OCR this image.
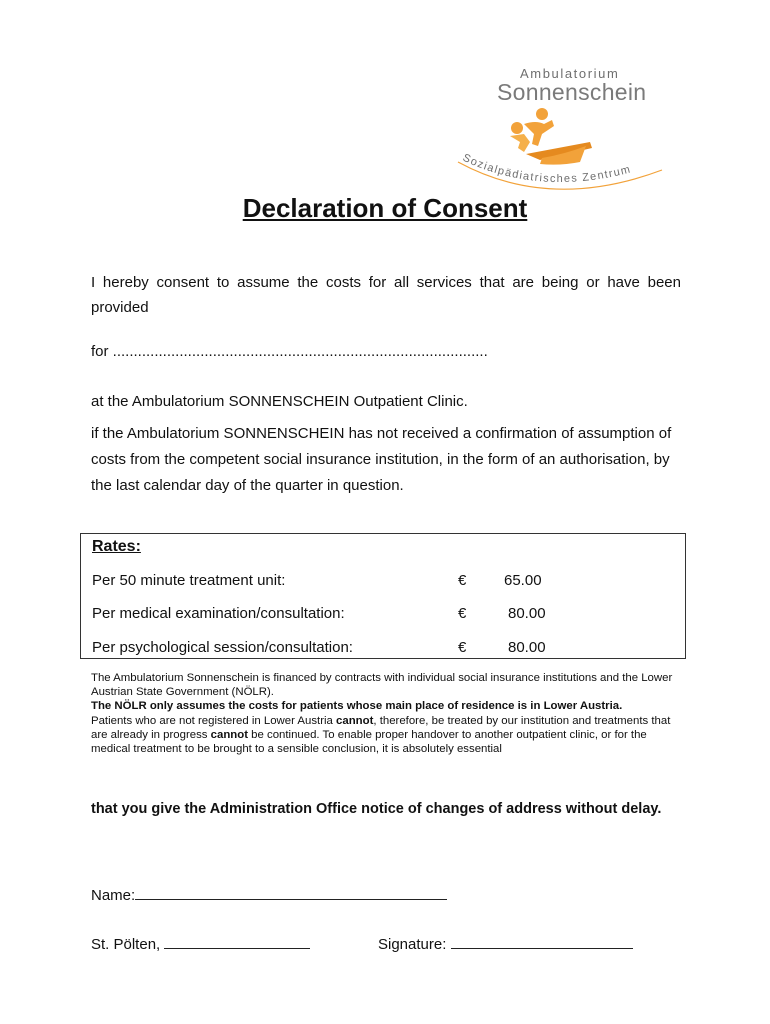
Sozialpädiatrisches Zentrum
Ambulatorium
Sonnenschein
Declaration of Consent
I hereby consent to assume the costs for all services that are being or have been provided
for ..........................................................................................
at the Ambulatorium SONNENSCHEIN Outpatient Clinic.
if the Ambulatorium SONNENSCHEIN has not received a confirmation of assumption of costs from the competent social insurance institution, in the form of an authorisation, by the last calendar day of the quarter in question.
Rates:
Per 50 minute treatment unit:	€	65.00
Per medical examination/consultation:	€	80.00
Per psychological session/consultation:	€	80.00

The Ambulatorium Sonnenschein is financed by contracts with individual social insurance institutions and the Lower Austrian State Government (NÖLR).

The NÖLR only assumes the costs for patients whose main place of residence is in Lower Austria.

Patients who are not registered in Lower Austria cannot, therefore, be treated by our institution and treatments that are already in progress cannot be continued. To enable proper handover to another outpatient clinic, or for the medical treatment to be brought to a sensible conclusion, it is absolutely essential

that you give the Administration Office notice of changes of address without delay.
Name:
St. Pölten,	Signature:
